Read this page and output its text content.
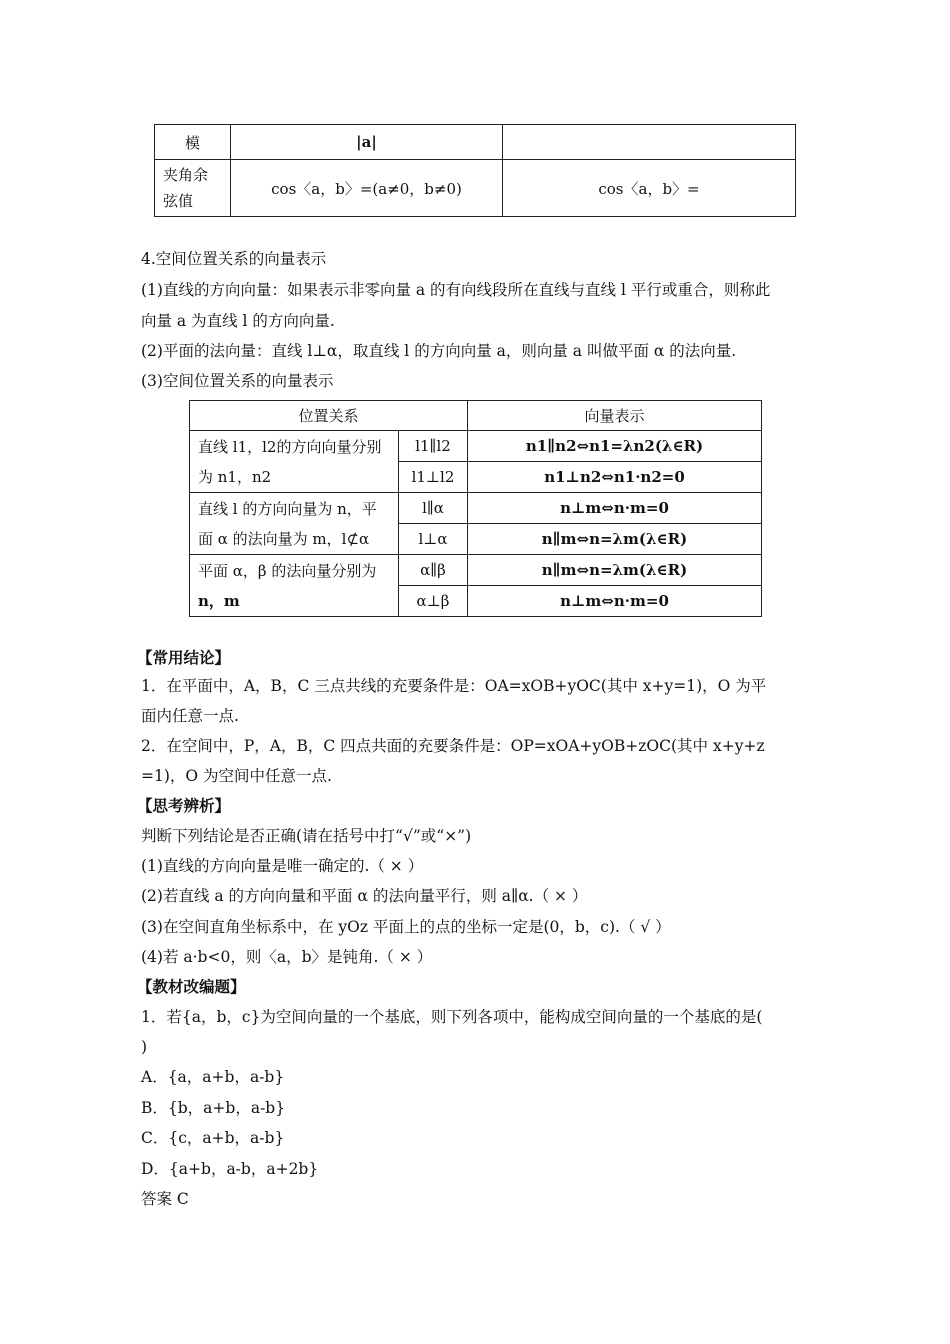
模	|a|	

夹角余
弦值	cos〈a，b〉=(a≠0，b≠0)	cos〈a，b〉=
4.空间位置关系的向量表示
(1)直线的方向向量：如果表示非零向量 a 的有向线段所在直线与直线 l 平行或重合，则称此
向量 a 为直线 l 的方向向量.
(2)平面的法向量：直线 l⊥α，取直线 l 的方向向量 a，则向量 a 叫做平面 α 的法向量.
(3)空间位置关系的向量表示
位置关系		向量表示

直线 l1，l2的方向向量分别
为 n1，n2	l1∥l2	n1∥n2⇔n1=λn2(λ∈R)
	l1⊥l2	n1⊥n2⇔n1·n2=0

直线 l 的方向向量为 n，平
面 α 的法向量为 m，l⊄α	l∥α	n⊥m⇔n·m=0
	l⊥α	n∥m⇔n=λm(λ∈R)

平面 α，β 的法向量分别为
n，m	α∥β	n∥m⇔n=λm(λ∈R)
	α⊥β	n⊥m⇔n·m=0
【常用结论】
1．在平面中，A，B，C 三点共线的充要条件是：OA=xOB+yOC(其中 x+y=1)，O 为平
面内任意一点.
2．在空间中，P，A，B，C 四点共面的充要条件是：OP=xOA+yOB+zOC(其中 x+y+z
=1)，O 为空间中任意一点.
【思考辨析】
判断下列结论是否正确(请在括号中打“√”或“×”)
(1)直线的方向向量是唯一确定的.（ × ）
(2)若直线 a 的方向向量和平面 α 的法向量平行，则 a∥α.（ × ）
(3)在空间直角坐标系中，在 yOz 平面上的点的坐标一定是(0，b，c).（ √ ）
(4)若 a·b<0，则〈a，b〉是钝角.（ × ）
【教材改编题】
1．若{a，b，c}为空间向量的一个基底，则下列各项中，能构成空间向量的一个基底的是(
)
A．{a，a+b，a-b}
B．{b，a+b，a-b}
C．{c，a+b，a-b}
D．{a+b，a-b，a+2b}
答案 C
